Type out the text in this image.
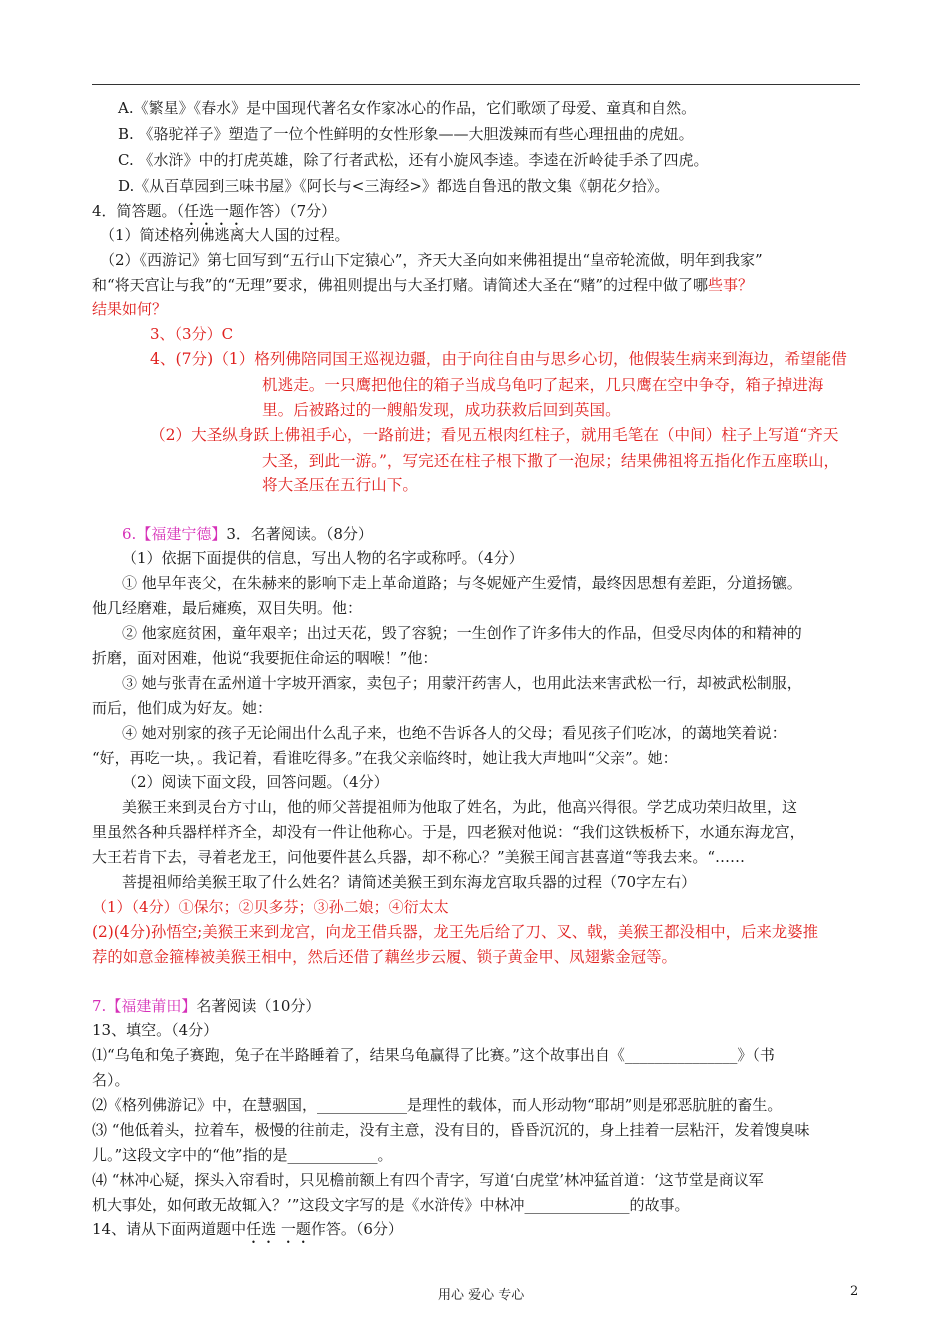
A.《繁星》《春水》是中国现代著名女作家冰心的作品，它们歌颂了母爱、童真和自然。
B. 《骆驼祥子》塑造了一位个性鲜明的女性形象——大胆泼辣而有些心理扭曲的虎妞。
C. 《水浒》中的打虎英雄，除了行者武松，还有小旋风李逵。李逵在沂岭徒手杀了四虎。
D.《从百草园到三味书屋》《阿长与<三海经>》都选自鲁迅的散文集《朝花夕拾》。
4．简答题。（任选一题作答）（7分）
（1）简述格列佛逃离大人国的过程。
（2）《西游记》第七回写到“五行山下定猿心”，齐天大圣向如来佛祖提出“皇帝轮流做，明年到我家”
和“将天宫让与我”的“无理”要求，佛祖则提出与大圣打赌。请简述大圣在“赌”的过程中做了哪些事？
结果如何？
3、（3分）C
4、(7分)（1）格列佛陪同国王巡视边疆，由于向往自由与思乡心切，他假装生病来到海边，希望能借
机逃走。一只鹰把他住的箱子当成乌龟叼了起来，几只鹰在空中争夺，箱子掉进海
里。后被路过的一艘船发现，成功获救后回到英国。
（2）大圣纵身跃上佛祖手心，一路前进；看见五根肉红柱子，就用毛笔在（中间）柱子上写道“齐天
大圣，到此一游。”，写完还在柱子根下撒了一泡尿；结果佛祖将五指化作五座联山，
将大圣压在五行山下。
6.【福建宁德】3．名著阅读。（8分）
（1）依据下面提供的信息，写出人物的名字或称呼。（4分）
① 他早年丧父，在朱赫来的影响下走上革命道路；与冬妮娅产生爱情，最终因思想有差距，分道扬镳。
他几经磨难，最后瘫痪，双目失明。他：
② 他家庭贫困，童年艰辛；出过天花，毁了容貌；一生创作了许多伟大的作品，但受尽肉体的和精神的
折磨，面对困难，他说“我要扼住命运的咽喉！”他：
③ 她与张青在孟州道十字坡开酒家，卖包子；用蒙汗药害人，也用此法来害武松一行，却被武松制服，
而后，他们成为好友。她：
④ 她对别家的孩子无论闹出什么乱子来，也绝不告诉各人的父母；看见孩子们吃冰，的蔼地笑着说：
“好，再吃一块，。我记着，看谁吃得多。”在我父亲临终时，她让我大声地叫“父亲”。她：
（2）阅读下面文段，回答问题。（4分）
美猴王来到灵台方寸山，他的师父菩提祖师为他取了姓名，为此，他高兴得很。学艺成功荣归故里，这
里虽然各种兵器样样齐全，却没有一件让他称心。于是，四老猴对他说：“我们这铁板桥下，水通东海龙宫，
大王若肯下去，寻着老龙王，问他要件甚么兵器，却不称心？”美猴王闻言甚喜道“等我去来。“……
菩提祖师给美猴王取了什么姓名？请简述美猴王到东海龙宫取兵器的过程（70字左右）
（1）（4分）①保尔；②贝多芬；③孙二娘；④衍太太
(2)(4分)孙悟空;美猴王来到龙宫，向龙王借兵器，龙王先后给了刀、叉、戟，美猴王都没相中，后来龙婆推
荐的如意金箍棒被美猴王相中，然后还借了藕丝步云履、锁子黄金甲、凤翅紫金冠等。
7.【福建莆田】名著阅读（10分）
13、填空。（4分）
⑴“乌龟和兔子赛跑，兔子在半路睡着了，结果乌龟赢得了比赛。”这个故事出自《_______________》（书
名）。
⑵《格列佛游记》中，在慧骃国，____________是理性的载体，而人形动物“耶胡”则是邪恶肮脏的畜生。
⑶ “他低着头，拉着车，极慢的往前走，没有主意，没有目的，昏昏沉沉的，身上挂着一层粘汗，发着馊臭味
儿。”这段文字中的“他”指的是____________。
⑷ “林冲心疑，探头入帘看时，只见檐前额上有四个青字，写道‘白虎堂’林冲猛首道：‘这节堂是商议军
机大事处，如何敢无故辄入？’”这段文字写的是《水浒传》中林冲______________的故事。
14、请从下面两道题中任选 一题作答。（6分）
用心 爱心 专心	2
